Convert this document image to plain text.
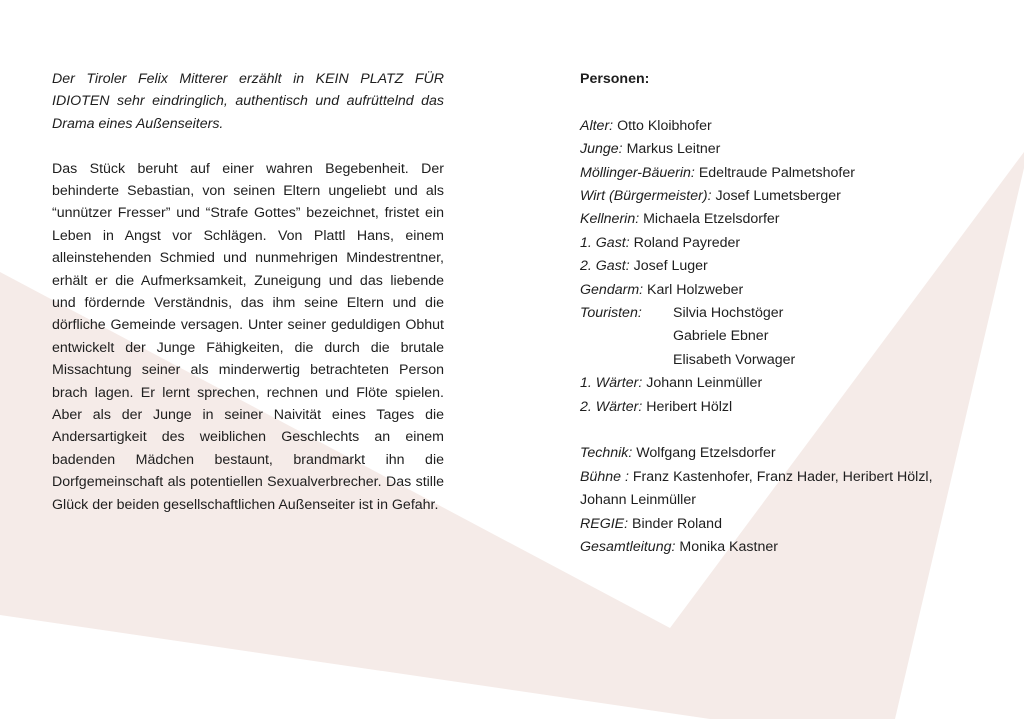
Der Tiroler Felix Mitterer erzählt in KEIN PLATZ FÜR IDIOTEN sehr eindringlich, authentisch und aufrüttelnd das Drama eines Außenseiters.

Das Stück beruht auf einer wahren Begebenheit. Der behinderte Sebastian, von seinen Eltern ungeliebt und als “unnützer Fresser” und “Strafe Gottes” bezeichnet, fristet ein Leben in Angst vor Schlägen. Von Plattl Hans, einem alleinstehenden Schmied und nunmehrigen Mindestrentner, erhält er die Aufmerksamkeit, Zuneigung und das liebende und fördernde Verständnis, das ihm seine Eltern und die dörfliche Gemeinde versagen. Unter seiner geduldigen Obhut entwickelt der Junge Fähigkeiten, die durch die brutale Missachtung seiner als minderwertig betrachteten Person brach lagen. Er lernt sprechen, rechnen und Flöte spielen. Aber als der Junge in seiner Naivität eines Tages die Andersartigkeit des weiblichen Geschlechts an einem badenden Mädchen bestaunt, brandmarkt ihn die Dorfgemeinschaft als potentiellen Sexualverbrecher. Das stille Glück der beiden gesellschaftlichen Außenseiter ist in Gefahr.

Personen:
Alter: Otto Kloibhofer
Junge: Markus Leitner
Möllinger-Bäuerin: Edeltraude Palmetshofer
Wirt (Bürgermeister): Josef Lumetsberger
Kellnerin: Michaela Etzelsdorfer
1. Gast: Roland Payreder
2. Gast: Josef Luger
Gendarm: Karl Holzweber
Touristen:	Silvia Hochstöger
Gabriele Ebner
Elisabeth Vorwager
1. Wärter: Johann Leinmüller
2. Wärter: Heribert Hölzl
Technik: Wolfgang Etzelsdorfer
Bühne : Franz Kastenhofer, Franz Hader, Heribert Hölzl, Johann Leinmüller
REGIE: Binder Roland
Gesamtleitung: Monika Kastner
